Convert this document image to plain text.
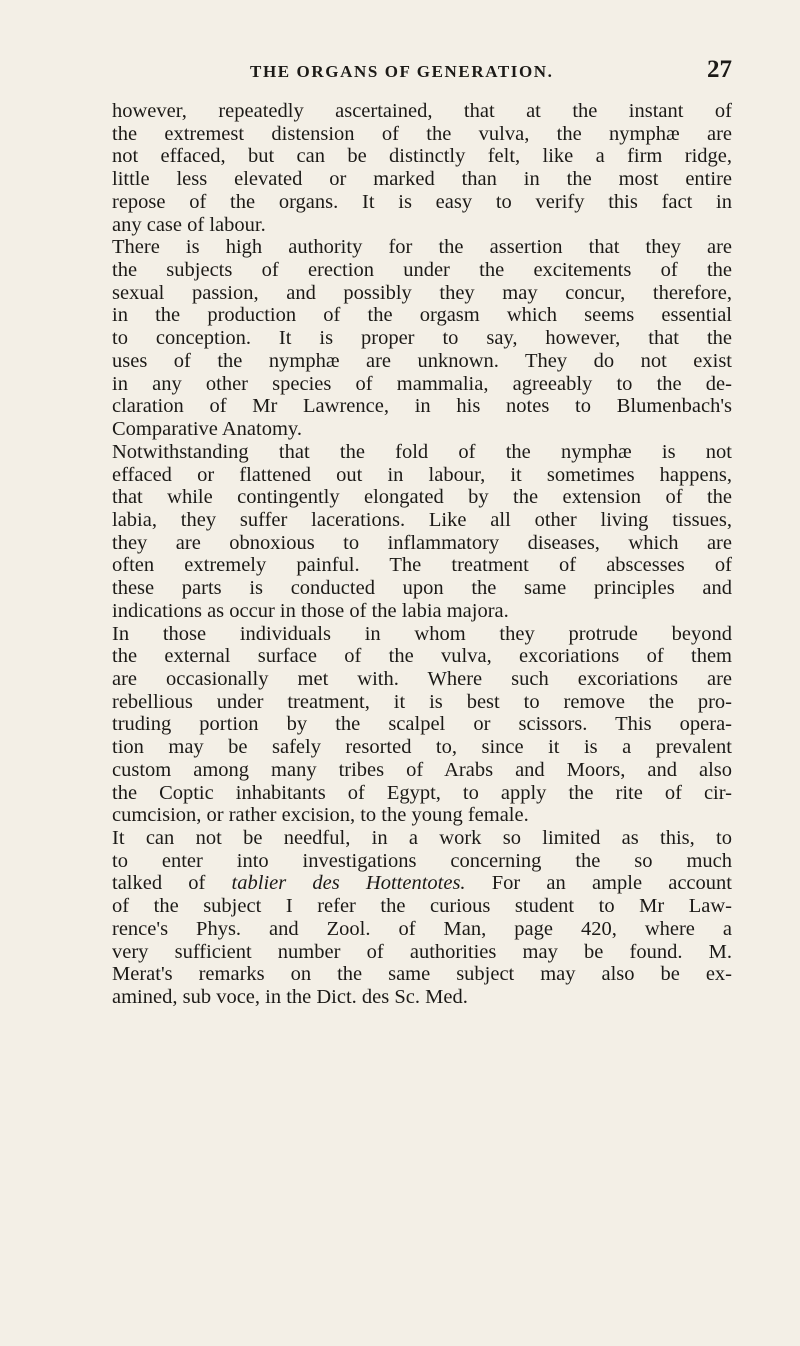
THE ORGANS OF GENERATION.	27
however, repeatedly ascertained, that at the instant of
the extremest distension of the vulva, the nymphæ are
not effaced, but can be distinctly felt, like a firm ridge,
little less elevated or marked than in the most entire
repose of the organs. It is easy to verify this fact in
any case of labour.
There is high authority for the assertion that they are
the subjects of erection under the excitements of the
sexual passion, and possibly they may concur, therefore,
in the production of the orgasm which seems essential
to conception. It is proper to say, however, that the
uses of the nymphæ are unknown. They do not exist
in any other species of mammalia, agreeably to the de-
claration of Mr Lawrence, in his notes to Blumenbach's
Comparative Anatomy.
Notwithstanding that the fold of the nymphæ is not
effaced or flattened out in labour, it sometimes happens,
that while contingently elongated by the extension of the
labia, they suffer lacerations. Like all other living tissues,
they are obnoxious to inflammatory diseases, which are
often extremely painful. The treatment of abscesses of
these parts is conducted upon the same principles and
indications as occur in those of the labia majora.
In those individuals in whom they protrude beyond
the external surface of the vulva, excoriations of them
are occasionally met with. Where such excoriations are
rebellious under treatment, it is best to remove the pro-
truding portion by the scalpel or scissors. This opera-
tion may be safely resorted to, since it is a prevalent
custom among many tribes of Arabs and Moors, and also
the Coptic inhabitants of Egypt, to apply the rite of cir-
cumcision, or rather excision, to the young female.
It can not be needful, in a work so limited as this, to
to enter into investigations concerning the so much
talked of tablier des Hottentotes. For an ample account
of the subject I refer the curious student to Mr Law-
rence's Phys. and Zool. of Man, page 420, where a
very sufficient number of authorities may be found. M.
Merat's remarks on the same subject may also be ex-
amined, sub voce, in the Dict. des Sc. Med.
